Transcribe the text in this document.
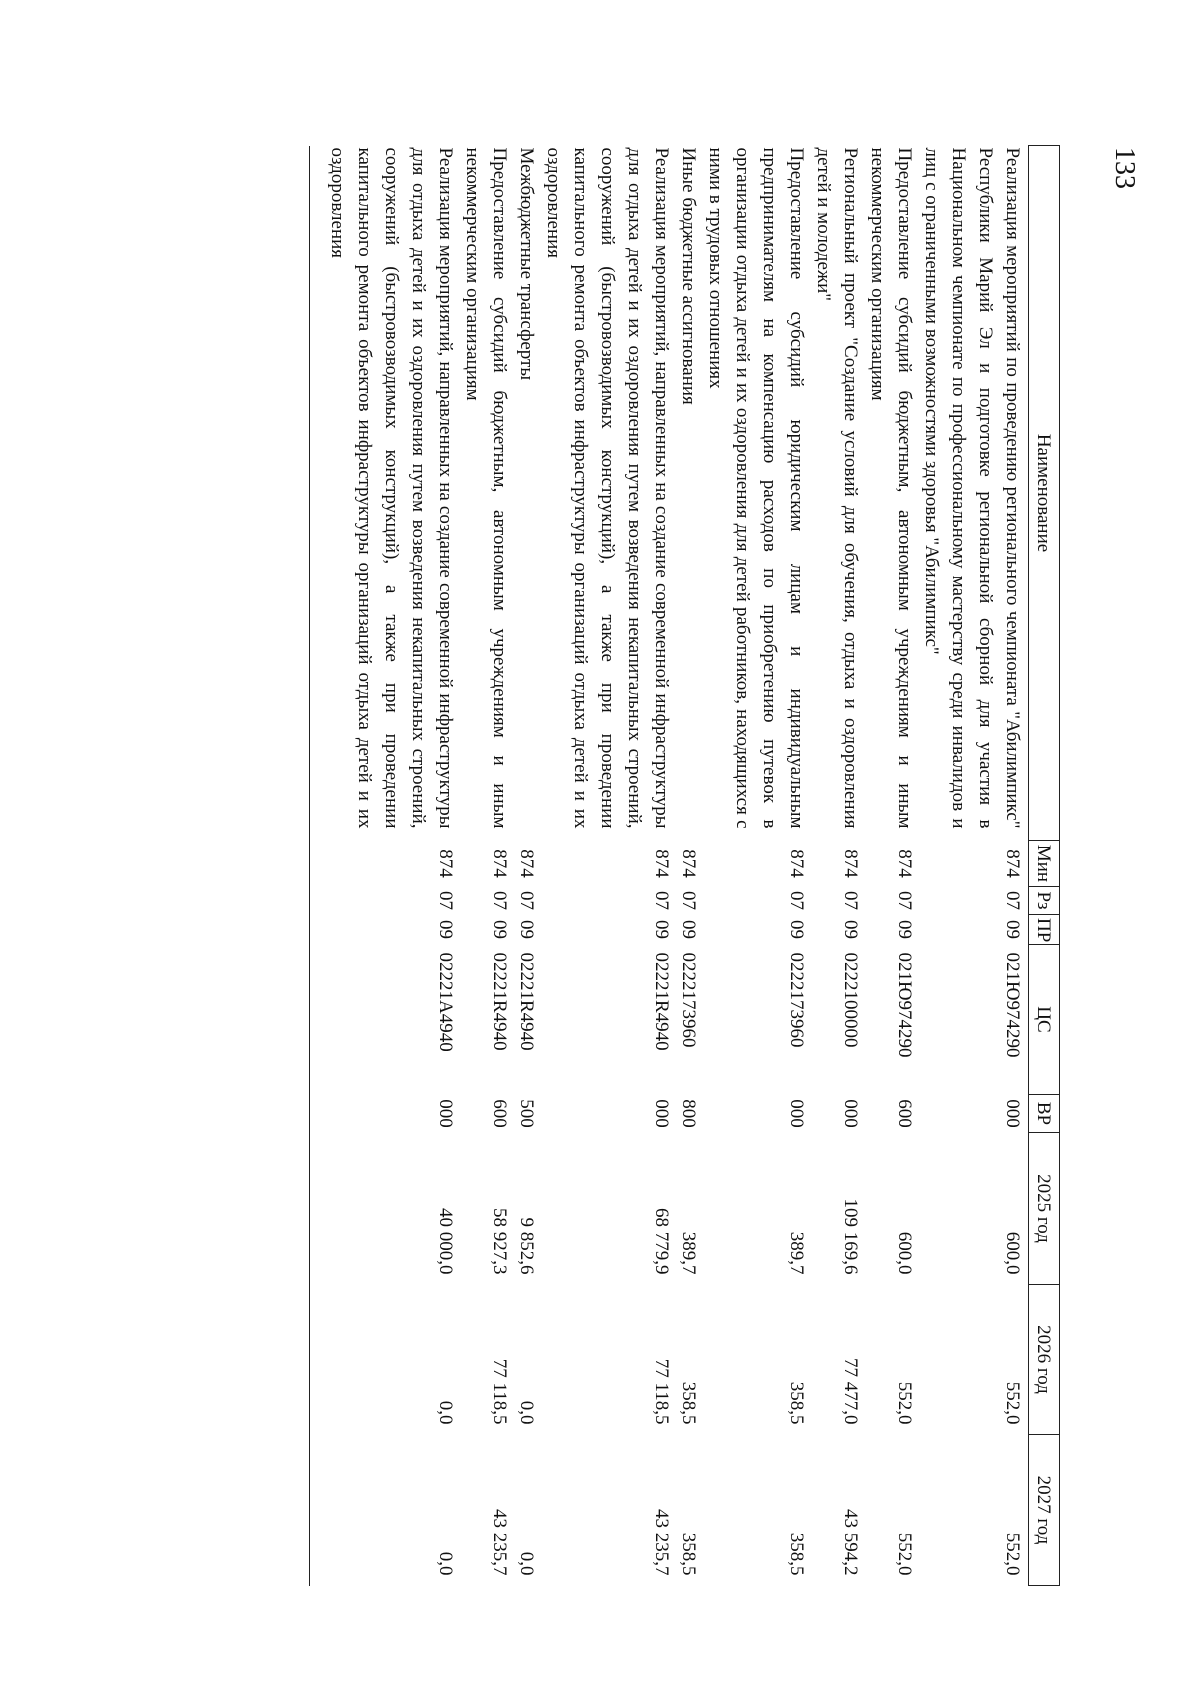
133
Наименование	Мин	Рз	ПР	ЦС	ВР	2025 год	2026 год	2027 год
Реализация мероприятий по проведению регионального чемпионата "Абилимпикс" Республики Марий Эл и подготовке региональной сборной для участия в Национальном чемпионате по профессиональному мастерству среди инвалидов и лиц с ограниченными возможностями здоровья "Абилимпикс"	874	07	09	021Ю974290	000	600,0	552,0	552,0
Предоставление субсидий бюджетным, автономным учреждениям и иным некоммерческим организациям	874	07	09	021Ю974290	600	600,0	552,0	552,0
Региональный проект "Создание условий для обучения, отдыха и оздоровления детей и молодежи"	874	07	09	0222100000	000	109 169,6	77 477,0	43 594,2
Предоставление субсидий юридическим лицам и индивидуальным предпринимателям на компенсацию расходов по приобретению путевок в организации отдыха детей и их оздоровления для детей работников, находящихся с ними в трудовых отношениях	874	07	09	0222173960	000	389,7	358,5	358,5
Иные бюджетные ассигнования	874	07	09	0222173960	800	389,7	358,5	358,5
Реализация мероприятий, направленных на создание современной инфраструктуры для отдыха детей и их оздоровления путем возведения некапитальных строений, сооружений (быстровозводимых конструкций), а также при проведении капитального ремонта объектов инфраструктуры организаций отдыха детей и их оздоровления	874	07	09	02221R4940	000	68 779,9	77 118,5	43 235,7
Межбюджетные трансферты	874	07	09	02221R4940	500	9 852,6	0,0	0,0
Предоставление субсидий бюджетным, автономным учреждениям и иным некоммерческим организациям	874	07	09	02221R4940	600	58 927,3	77 118,5	43 235,7
Реализация мероприятий, направленных на создание современной инфраструктуры для отдыха детей и их оздоровления путем возведения некапитальных строений, сооружений (быстровозводимых конструкций), а также при проведении капитального ремонта объектов инфраструктуры организаций отдыха детей и их оздоровления	874	07	09	02221A4940	000	40 000,0	0,0	0,0
